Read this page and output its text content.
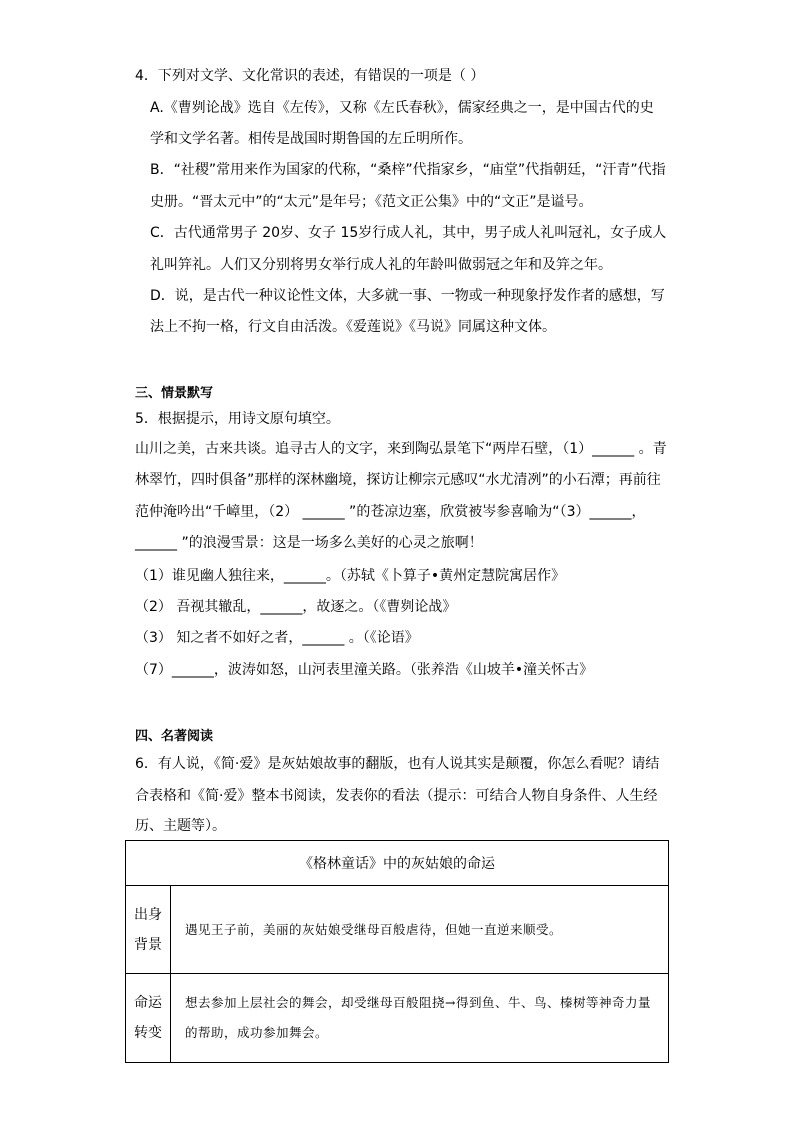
4．下列对文学、文化常识的表述，有错误的一项是（ ）
A.《曹刿论战》选自《左传》，又称《左氏春秋》，儒家经典之一，是中国古代的史
学和文学名著。相传是战国时期鲁国的左丘明所作。
B．“社稷”常用来作为国家的代称，“桑梓”代指家乡，“庙堂”代指朝廷，“汗青”代指
史册。“晋太元中”的“太元”是年号；《范文正公集》中的“文正”是谥号。
C．古代通常男子 20岁、女子 15岁行成人礼，其中，男子成人礼叫冠礼，女子成人
礼叫笄礼。人们又分别将男女举行成人礼的年龄叫做弱冠之年和及笄之年。
D．说，是古代一种议论性文体，大多就一事、一物或一种现象抒发作者的感想，写
法上不拘一格，行文自由活泼。《爱莲说》《马说》同属这种文体。
三、情景默写
5．根据提示，用诗文原句填空。
山川之美，古来共谈。追寻古人的文字，来到陶弘景笔下“两岸石壁，（1）______ 。青
林翠竹，四时俱备”那样的深林幽境，探访让柳宗元感叹“水尤清冽”的小石潭；再前往
范仲淹吟出“千嶂里，（2） ______ ”的苍凉边塞，欣赏被岑参喜喻为“（3）______，
______ ”的浪漫雪景：这是一场多么美好的心灵之旅啊！
（1）谁见幽人独往来，______。（苏轼《卜算子•黄州定慧院寓居作》
（2） 吾视其辙乱，______，故逐之。（《曹刿论战》
（3） 知之者不如好之者，______ 。（《论语》
（7）______，波涛如怒，山河表里潼关路。（张养浩《山坡羊•潼关怀古》
四、名著阅读
6．有人说，《简·爱》是灰姑娘故事的翻版，也有人说其实是颠覆，你怎么看呢？请结
合表格和《简·爱》整本书阅读，发表你的看法（提示：可结合人物自身条件、人生经
历、主题等）。
《格林童话》中的灰姑娘的命运	

出身
背景	遇见王子前，美丽的灰姑娘受继母百般虐待，但她一直逆来顺受。

命运
转变	想去参加上层社会的舞会，却受继母百般阻挠→得到鱼、牛、鸟、榛树等神奇力量的帮助，成功参加舞会。
